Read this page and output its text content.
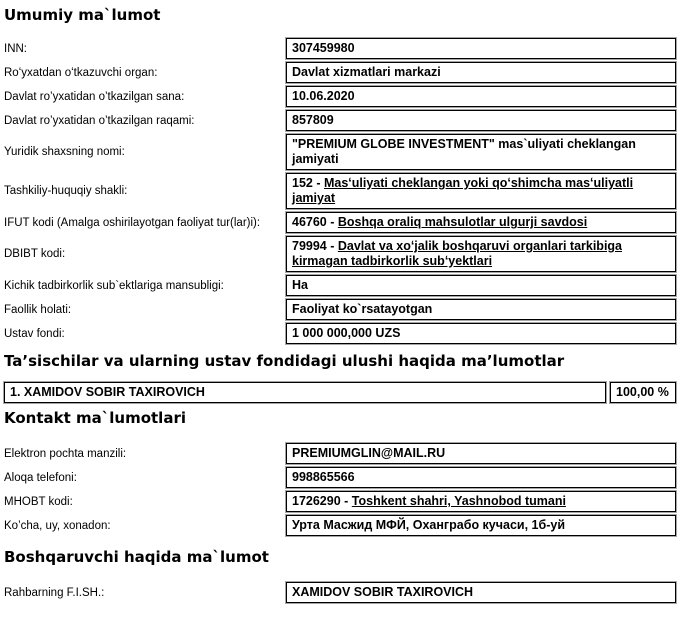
Umumiy ma`lumot
INN:	307459980
Roʻyxatdan oʻtkazuvchi organ:	Davlat xizmatlari markazi
Davlat ro’yxatidan o’tkazilgan sana:	10.06.2020
Davlat ro’yxatidan o’tkazilgan raqami:	857809
Yuridik shaxsning nomi:
"PREMIUM GLOBE INVESTMENT" mas`uliyati cheklangan jamiyati
Tashkiliy-huquqiy shakli:
152 - Masʻuliyati cheklangan yoki qoʻshimcha masʻuliyatli jamiyat
IFUT kodi (Amalga oshirilayotgan faoliyat tur(lar)i):	46760 - Boshqa oraliq mahsulotlar ulgurji savdosi
DBIBT kodi:
79994 - Davlat va xoʻjalik boshqaruvi organlari tarkibiga kirmagan tadbirkorlik subʻyektlari
Kichik tadbirkorlik sub`ektlariga mansubligi:	Ha
Faollik holati:	Faoliyat ko`rsatayotgan
Ustav fondi:	1 000 000,000 UZS
Ta’sischilar va ularning ustav fondidagi ulushi haqida ma’lumotlar
1. XAMIDOV SOBIR TAXIROVICH	100,00 %
Kontakt ma`lumotlari
Elektron pochta manzili:	PREMIUMGLIN@MAIL.RU
Aloqa telefoni:	998865566
MHOBT kodi:	1726290 - Toshkent shahri, Yashnobod tumani
Ko’cha, uy, xonadon:	Урта Масжид МФЙ, Оханграбо кучаси, 1б-уй
Boshqaruvchi haqida ma`lumot
Rahbarning F.I.SH.:	XAMIDOV SOBIR TAXIROVICH
